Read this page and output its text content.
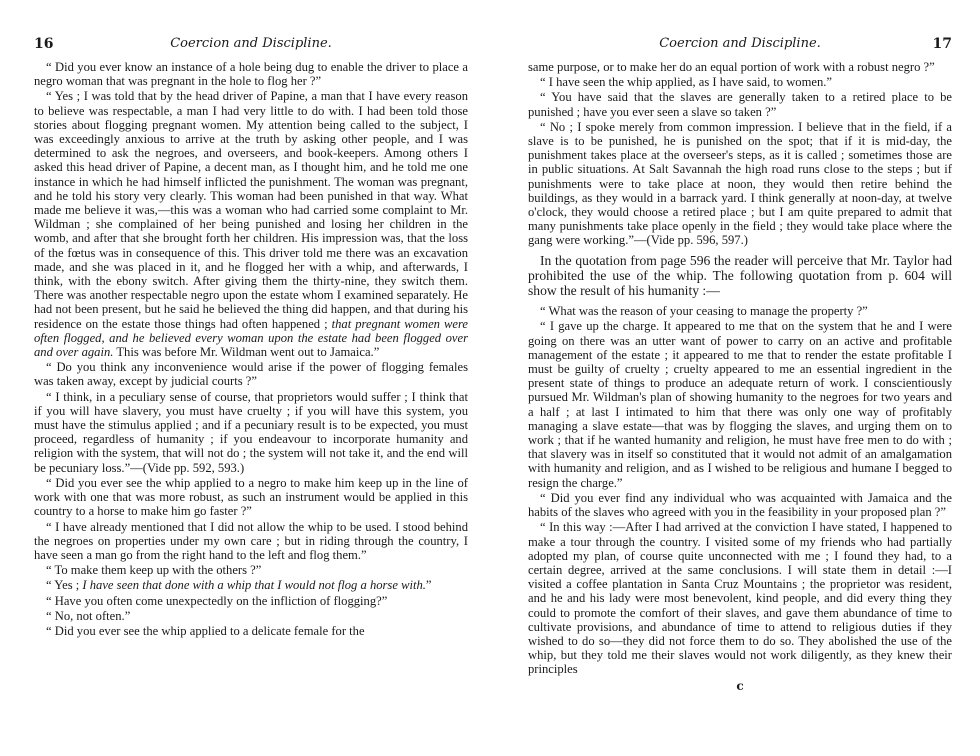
16	Coercion and Discipline.

“ Did you ever know an instance of a hole being dug to enable the driver to place a negro woman that was pregnant in the hole to flog her ?”

“ Yes ; I was told that by the head driver of Papine, a man that I have every reason to believe was respectable, a man I had very little to do with. I had been told those stories about flogging pregnant women. My attention being called to the subject, I was exceedingly anxious to arrive at the truth by asking other people, and I was determined to ask the negroes, and overseers, and book-keepers. Among others I asked this head driver of Papine, a decent man, as I thought him, and he told me one instance in which he had himself inflicted the punishment. The woman was pregnant, and he told his story very clearly. This woman had been punished in that way. What made me believe it was,—this was a woman who had carried some complaint to Mr. Wildman ; she complained of her being punished and losing her children in the womb, and after that she brought forth her children. His impression was, that the loss of the fœtus was in consequence of this. This driver told me there was an excavation made, and she was placed in it, and he flogged her with a whip, and afterwards, I think, with the ebony switch. After giving them the thirty-nine, they switch them. There was another respectable negro upon the estate whom I examined separately. He had not been present, but he said he believed the thing did happen, and that during his residence on the estate those things had often happened ; that pregnant women were often flogged, and he believed every woman upon the estate had been flogged over and over again. This was before Mr. Wildman went out to Jamaica.”

“ Do you think any inconvenience would arise if the power of flogging females was taken away, except by judicial courts ?”

“ I think, in a peculiary sense of course, that proprietors would suffer ; I think that if you will have slavery, you must have cruelty ; if you will have this system, you must have the stimulus applied ; and if a pecuniary result is to be expected, you must proceed, regardless of humanity ; if you endeavour to incorporate humanity and religion with the system, that will not do ; the system will not take it, and the end will be pecuniary loss.”—(Vide pp. 592, 593.)

“ Did you ever see the whip applied to a negro to make him keep up in the line of work with one that was more robust, as such an instrument would be applied in this country to a horse to make him go faster ?”

“ I have already mentioned that I did not allow the whip to be used. I stood behind the negroes on properties under my own care ; but in riding through the country, I have seen a man go from the right hand to the left and flog them.”

“ To make them keep up with the others ?”

“ Yes ; I have seen that done with a whip that I would not flog a horse with.”

“ Have you often come unexpectedly on the infliction of flogging?”

“ No, not often.”

“ Did you ever see the whip applied to a delicate female for the

Coercion and Discipline.	17

same purpose, or to make her do an equal portion of work with a robust negro ?”

“ I have seen the whip applied, as I have said, to women.”

“ You have said that the slaves are generally taken to a retired place to be punished ; have you ever seen a slave so taken ?”

“ No ; I spoke merely from common impression. I believe that in the field, if a slave is to be punished, he is punished on the spot; that if it is mid-day, the punishment takes place at the overseer's steps, as it is called ; sometimes those are in public situations. At Salt Savannah the high road runs close to the steps ; but if punishments were to take place at noon, they would then retire behind the buildings, as they would in a barrack yard. I think generally at noon-day, at twelve o'clock, they would choose a retired place ; but I am quite prepared to admit that many punishments take place openly in the field ; they would take place where the gang were working.”—(Vide pp. 596, 597.)

In the quotation from page 596 the reader will perceive that Mr. Taylor had prohibited the use of the whip. The following quotation from p. 604 will show the result of his humanity :—

“ What was the reason of your ceasing to manage the property ?”

“ I gave up the charge. It appeared to me that on the system that he and I were going on there was an utter want of power to carry on an active and profitable management of the estate ; it appeared to me that to render the estate profitable I must be guilty of cruelty ; cruelty appeared to me an essential ingredient in the present state of things to produce an adequate return of work. I conscientiously pursued Mr. Wildman's plan of showing humanity to the negroes for two years and a half ; at last I intimated to him that there was only one way of profitably managing a slave estate—that was by flogging the slaves, and urging them on to work ; that if he wanted humanity and religion, he must have free men to do with ; that slavery was in itself so constituted that it would not admit of an amalgamation with humanity and religion, and as I wished to be religious and humane I begged to resign the charge.”

“ Did you ever find any individual who was acquainted with Jamaica and the habits of the slaves who agreed with you in the feasibility in your proposed plan ?”

“ In this way :—After I had arrived at the conviction I have stated, I happened to make a tour through the country. I visited some of my friends who had partially adopted my plan, of course quite unconnected with me ; I found they had, to a certain degree, arrived at the same conclusions. I will state them in detail :—I visited a coffee plantation in Santa Cruz Mountains ; the proprietor was resident, and he and his lady were most benevolent, kind people, and did every thing they could to promote the comfort of their slaves, and gave them abundance of time to cultivate provisions, and abundance of time to attend to religious duties if they wished to do so—they did not force them to do so. They abolished the use of the whip, but they told me their slaves would not work diligently, as they knew their principles

c
